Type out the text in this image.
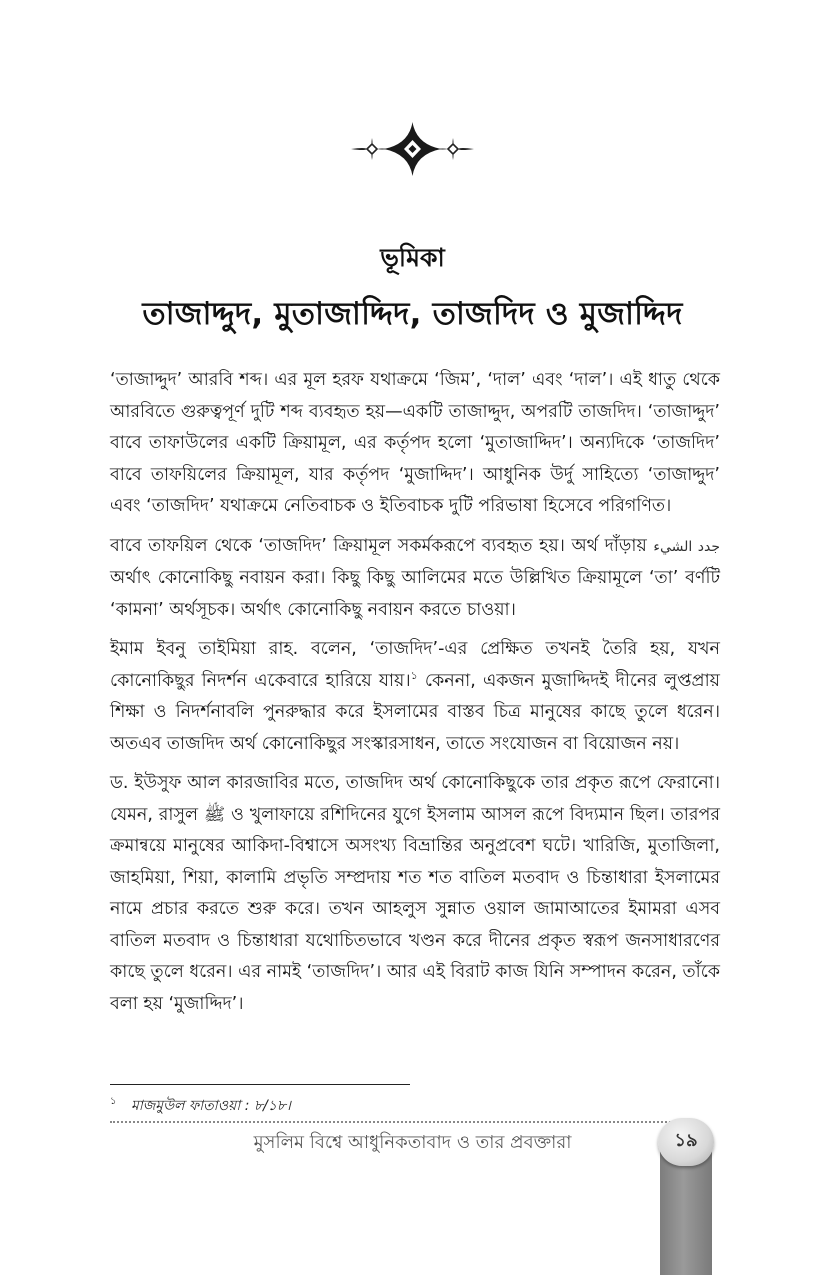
ভূমিকা
তাজাদ্দুদ, মুতাজাদ্দিদ, তাজদিদ ও মুজাদ্দিদ

‘তাজাদ্দুদ’ আরবি শব্দ। এর মূল হরফ যথাক্রমে ‘জিম’, ‘দাল’ এবং ‘দাল’। এই ধাতু থেকে আরবিতে গুরুত্বপূর্ণ দুটি শব্দ ব্যবহৃত হয়—একটি তাজাদ্দুদ, অপরটি তাজদিদ। ‘তাজাদ্দুদ’ বাবে তাফাউলের একটি ক্রিয়ামূল, এর কর্তৃপদ হলো ‘মুতাজাদ্দিদ’। অন্যদিকে ‘তাজদিদ’ বাবে তাফয়িলের ক্রিয়ামূল, যার কর্তৃপদ ‘মুজাদ্দিদ’। আধুনিক উর্দু সাহিত্যে ‘তাজাদ্দুদ’ এবং ‘তাজদিদ’ যথাক্রমে নেতিবাচক ও ইতিবাচক দুটি পরিভাষা হিসেবে পরিগণিত।

বাবে তাফয়িল থেকে ‘তাজদিদ’ ক্রিয়ামূল সকর্মকরূপে ব্যবহৃত হয়। অর্থ দাঁড়ায় جدد الشيء অর্থাৎ কোনোকিছু নবায়ন করা। কিছু কিছু আলিমের মতে উল্লিখিত ক্রিয়ামূলে ‘তা’ বর্ণটি ‘কামনা’ অর্থসূচক। অর্থাৎ কোনোকিছু নবায়ন করতে চাওয়া।

ইমাম ইবনু তাইমিয়া রাহ. বলেন, ‘তাজদিদ’-এর প্রেক্ষিত তখনই তৈরি হয়, যখন কোনোকিছুর নিদর্শন একেবারে হারিয়ে যায়।$^১$ কেননা, একজন মুজাদ্দিদই দীনের লুপ্তপ্রায় শিক্ষা ও নিদর্শনাবলি পুনরুদ্ধার করে ইসলামের বাস্তব চিত্র মানুষের কাছে তুলে ধরেন। অতএব তাজদিদ অর্থ কোনোকিছুর সংস্কারসাধন, তাতে সংযোজন বা বিয়োজন নয়।

ড. ইউসুফ আল কারজাবির মতে, তাজদিদ অর্থ কোনোকিছুকে তার প্রকৃত রূপে ফেরানো। যেমন, রাসুল ﷺ ও খুলাফায়ে রশিদিনের যুগে ইসলাম আসল রূপে বিদ্যমান ছিল। তারপর ক্রমান্বয়ে মানুষের আকিদা-বিশ্বাসে অসংখ্য বিভ্রান্তির অনুপ্রবেশ ঘটে। খারিজি, মুতাজিলা, জাহমিয়া, শিয়া, কালামি প্রভৃতি সম্প্রদায় শত শত বাতিল মতবাদ ও চিন্তাধারা ইসলামের নামে প্রচার করতে শুরু করে। তখন আহলুস সুন্নাত ওয়াল জামাআতের ইমামরা এসব বাতিল মতবাদ ও চিন্তাধারা যথোচিতভাবে খণ্ডন করে দীনের প্রকৃত স্বরূপ জনসাধারণের কাছে তুলে ধরেন। এর নামই ‘তাজদিদ’। আর এই বিরাট কাজ যিনি সম্পাদন করেন, তাঁকে বলা হয় ‘মুজাদ্দিদ’।

$^১$ মাজমুউল ফাতাওয়া : ৮/১৮।
মুসলিম বিশ্বে আধুনিকতাবাদ ও তার প্রবক্তারা	১৯
